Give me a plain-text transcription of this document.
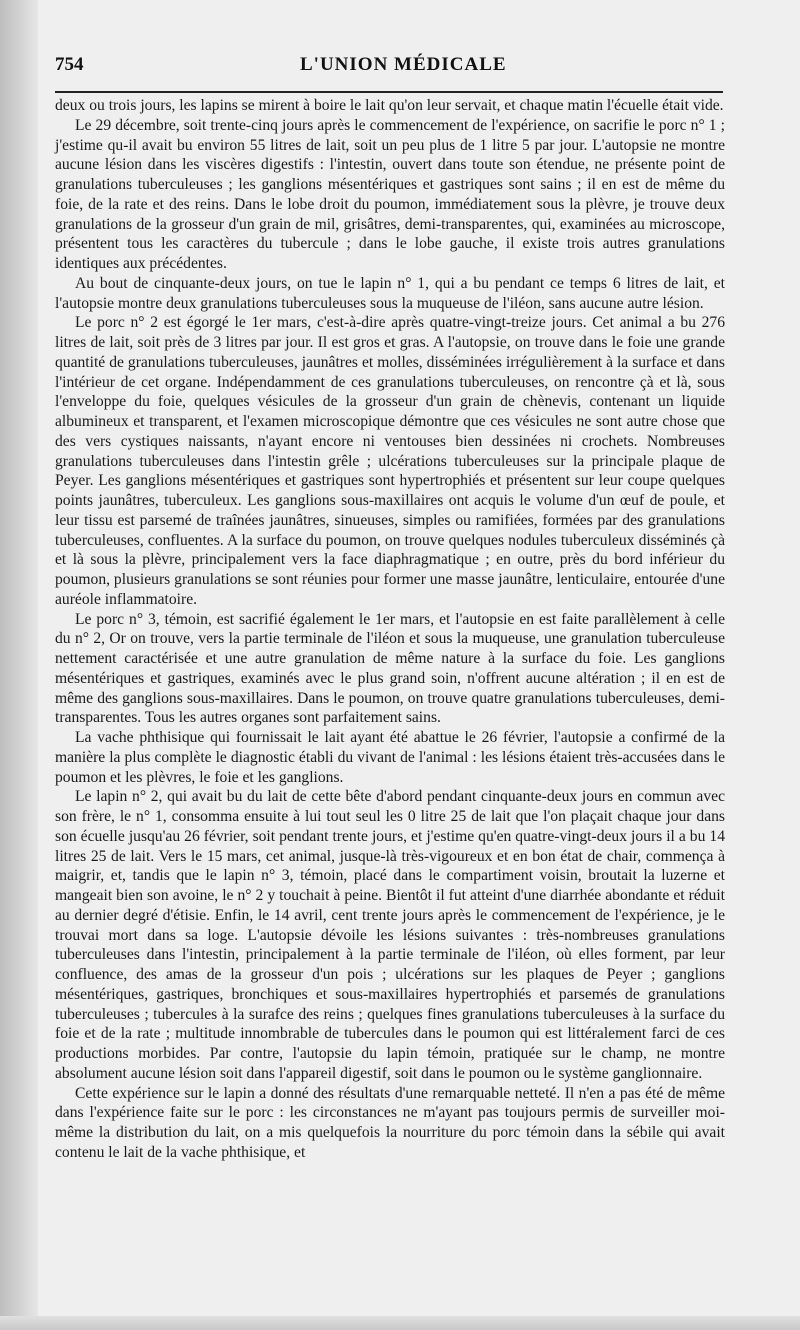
754	L'UNION MÉDICALE

deux ou trois jours, les lapins se mirent à boire le lait qu'on leur servait, et chaque matin l'écuelle était vide.

Le 29 décembre, soit trente-cinq jours après le commencement de l'expérience, on sacrifie le porc n° 1 ; j'estime qu-il avait bu environ 55 litres de lait, soit un peu plus de 1 litre 5 par jour. L'autopsie ne montre aucune lésion dans les viscères digestifs : l'intestin, ouvert dans toute son étendue, ne présente point de granulations tuberculeuses ; les ganglions mésentériques et gastriques sont sains ; il en est de même du foie, de la rate et des reins. Dans le lobe droit du poumon, immédiatement sous la plèvre, je trouve deux granulations de la grosseur d'un grain de mil, grisâtres, demi-transparentes, qui, examinées au microscope, présentent tous les caractères du tubercule ; dans le lobe gauche, il existe trois autres granulations identiques aux précédentes.

Au bout de cinquante-deux jours, on tue le lapin n° 1, qui a bu pendant ce temps 6 litres de lait, et l'autopsie montre deux granulations tuberculeuses sous la muqueuse de l'iléon, sans aucune autre lésion.

Le porc n° 2 est égorgé le 1er mars, c'est-à-dire après quatre-vingt-treize jours. Cet animal a bu 276 litres de lait, soit près de 3 litres par jour. Il est gros et gras. A l'autopsie, on trouve dans le foie une grande quantité de granulations tuberculeuses, jaunâtres et molles, disséminées irrégulièrement à la surface et dans l'intérieur de cet organe. Indépendamment de ces granulations tuberculeuses, on rencontre çà et là, sous l'enveloppe du foie, quelques vésicules de la grosseur d'un grain de chènevis, contenant un liquide albumineux et transparent, et l'examen microscopique démontre que ces vésicules ne sont autre chose que des vers cystiques naissants, n'ayant encore ni ventouses bien dessinées ni crochets. Nombreuses granulations tuberculeuses dans l'intestin grêle ; ulcérations tuberculeuses sur la principale plaque de Peyer. Les ganglions mésentériques et gastriques sont hypertrophiés et présentent sur leur coupe quelques points jaunâtres, tuberculeux. Les ganglions sous-maxillaires ont acquis le volume d'un œuf de poule, et leur tissu est parsemé de traînées jaunâtres, sinueuses, simples ou ramifiées, formées par des granulations tuberculeuses, confluentes. A la surface du poumon, on trouve quelques nodules tuberculeux disséminés çà et là sous la plèvre, principalement vers la face diaphragmatique ; en outre, près du bord inférieur du poumon, plusieurs granulations se sont réunies pour former une masse jaunâtre, lenticulaire, entourée d'une auréole inflammatoire.

Le porc n° 3, témoin, est sacrifié également le 1er mars, et l'autopsie en est faite parallèlement à celle du n° 2, Or on trouve, vers la partie terminale de l'iléon et sous la muqueuse, une granulation tuberculeuse nettement caractérisée et une autre granulation de même nature à la surface du foie. Les ganglions mésentériques et gastriques, examinés avec le plus grand soin, n'offrent aucune altération ; il en est de même des ganglions sous-maxillaires. Dans le poumon, on trouve quatre granulations tuberculeuses, demi-transparentes. Tous les autres organes sont parfaitement sains.

La vache phthisique qui fournissait le lait ayant été abattue le 26 février, l'autopsie a confirmé de la manière la plus complète le diagnostic établi du vivant de l'animal : les lésions étaient très-accusées dans le poumon et les plèvres, le foie et les ganglions.

Le lapin n° 2, qui avait bu du lait de cette bête d'abord pendant cinquante-deux jours en commun avec son frère, le n° 1, consomma ensuite à lui tout seul les 0 litre 25 de lait que l'on plaçait chaque jour dans son écuelle jusqu'au 26 février, soit pendant trente jours, et j'estime qu'en quatre-vingt-deux jours il a bu 14 litres 25 de lait. Vers le 15 mars, cet animal, jusque-là très-vigoureux et en bon état de chair, commença à maigrir, et, tandis que le lapin n° 3, témoin, placé dans le compartiment voisin, broutait la luzerne et mangeait bien son avoine, le n° 2 y touchait à peine. Bientôt il fut atteint d'une diarrhée abondante et réduit au dernier degré d'étisie. Enfin, le 14 avril, cent trente jours après le commencement de l'expérience, je le trouvai mort dans sa loge. L'autopsie dévoile les lésions suivantes : très-nombreuses granulations tuberculeuses dans l'intestin, principalement à la partie terminale de l'iléon, où elles forment, par leur confluence, des amas de la grosseur d'un pois ; ulcérations sur les plaques de Peyer ; ganglions mésentériques, gastriques, bronchiques et sous-maxillaires hypertrophiés et parsemés de granulations tuberculeuses ; tubercules à la surafce des reins ; quelques fines granulations tuberculeuses à la surface du foie et de la rate ; multitude innombrable de tubercules dans le poumon qui est littéralement farci de ces productions morbides. Par contre, l'autopsie du lapin témoin, pratiquée sur le champ, ne montre absolument aucune lésion soit dans l'appareil digestif, soit dans le poumon ou le système ganglionnaire.

Cette expérience sur le lapin a donné des résultats d'une remarquable netteté. Il n'en a pas été de même dans l'expérience faite sur le porc : les circonstances ne m'ayant pas toujours permis de surveiller moi-même la distribution du lait, on a mis quelquefois la nourriture du porc témoin dans la sébile qui avait contenu le lait de la vache phthisique, et
